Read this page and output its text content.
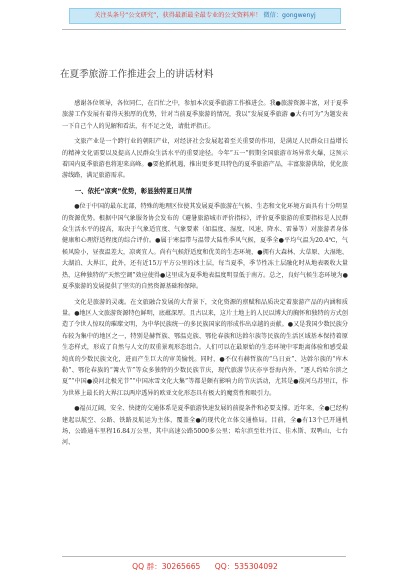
关注头条号“公文研究”，获得最新最全最专业的公文资料库！ 微信：gongwenyj
在夏季旅游工作推进会上的讲话材料

感谢各位领导，各位同仁，在百忙之中，参加本次夏季旅游工作推进会。我●旅游资源丰富，对于夏季旅游工作发展有着得天独厚的优势，针对当前夏季旅游的情况，我以“发展夏季旅游 ●大有可为”为题发表一下自己个人的见解和看法，有不足之处，请批评指正。

文旅产业是一个跨行业的朝阳产业，对经济社会发展起着至关重要的作用，是满足人民群众日益增长的精神文化需要以及提高人民群众生活水平的重要途径。今年“五一”假期全国旅游市场异常火爆，这预示着国内夏季旅游也将迎来高峰。●要抢抓机遇，推出更多更具特色的夏季旅游产品，丰富旅游供给，优化旅游线路，满足旅游需求。

一、依托“凉爽”优势，彰显独特夏日风情

●位于中国的最东北部，特殊的地理区位使其发展夏季旅游在气候、生态和文化环境方面具有十分明显的资源优势。根据中国气象服务协会发布的《避暑旅游城市评价指标》，评价夏季旅游的重要指标是人民群众生活水平的提高，取决于气象适宜度、气象要素（如温度、湿度、风速、降水、雷暴等）对旅游者身体健康和心理舒适程度的综合评价。●属于寒温带与温带大陆性季风气候，夏季全●平均气温为20.4℃，气候风险小，昼夜温差大，凉爽宜人。尚有气候舒适度和优美的生态环境，●拥有大森林、大草原、大湿地、大湖泊、大界江，此外，还有近15万平方公里的冰土层，每当夏季，季节性冻土层融化时从地表吸收大量热，这种独特的“天然空调”效应使得●这里成为夏季地表温度明显低于南方。总之，良好气候生态环境为●夏季旅游的发展提供了坚实的自然资源基础和保障。

文化是旅游的灵魂。在文旅融合发展的大背景下，文化资源的禀赋和品质决定着旅游产品的内涵和质量。●地区人文旅游资源特色鲜明，底蕴深厚。且古以来，这片土地上的人民以博大的胸怀和独特的方式创造了令世人惊叹的璀璨文明，为中华民族统一的多民族国家的形成作出卓越的贡献。●又是我国少数民族分布较为集中的地区之一，特别是赫哲族、鄂温克族、鄂伦春族和达斡尔族等民族的生活区域基本保持着原生态样式，形成了自然与人文的双重景观形态组合。人们可以在最原始的生态环境中零距离体验和感受最纯真的少数民族文化，进而产生巨大的审美愉悦。同时，●不仅有赫哲族的“乌日贡”、达斡尔族的“库木勒”、鄂伦春族的“篝火节”等众多独特的少数民族节庆，现代旅游节庆亦享誉海内外，“逐人约哈尔滨之夏”“中国●漠河北极光节”“中国冰雪文化大集”等都是颇有影响力的节庆活动，尤其是●漠河乌苏里江，作为世界上最长的大界江以两岸透异的欧亚文化形态具有极大的魔赏性和吸引力。

●福员辽阔，安全、快捷的交通体系是夏季旅游快速发展的前提条件和必要支撑。近年来，全●已经构建起以航空、公路、铁路及航运为主体，覆盖全●的现代化立体交通格局。目前，全●有13个已开通机场，公路通车里程16.84万公里，其中高速公路5000多公里；哈尔滨至牡丹江、佳木斯、双鸭山、七台河、

QQ 群：30265665 QQ：535304092
